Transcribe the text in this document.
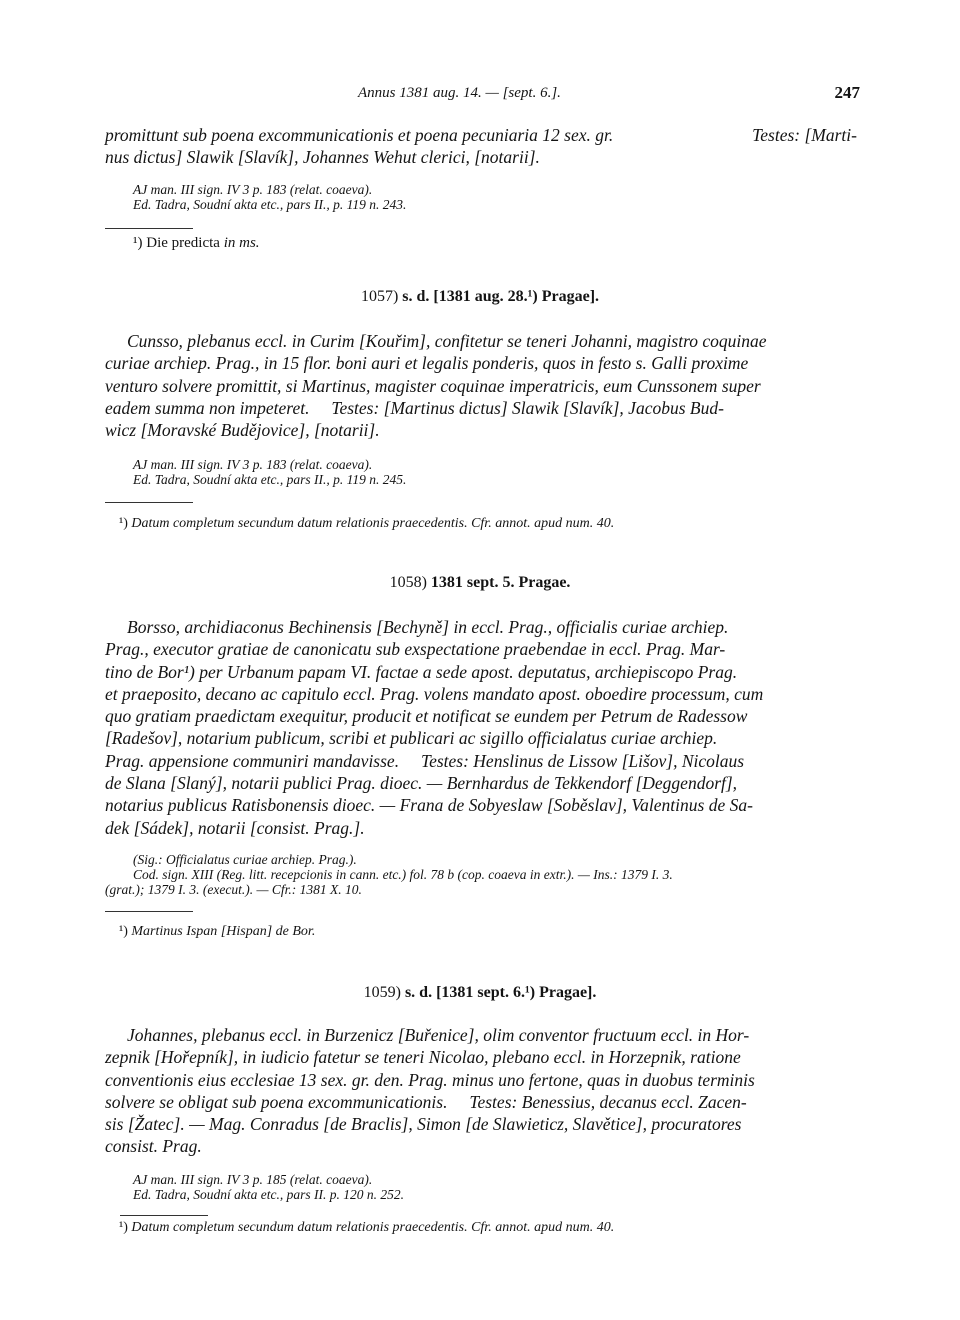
Annus 1381 aug. 14. — [sept. 6.].	247
promittunt sub poena excommunicationis et poena pecuniaria 12 sex. gr.	Testes: [Marti-
nus dictus] Slawik [Slavík], Johannes Wehut clerici, [notarii].
AJ man. III sign. IV 3 p. 183 (relat. coaeva).
Ed. Tadra, Soudní akta etc., pars II., p. 119 n. 243.
¹) Die predicta in ms.
1057) s. d. [1381 aug. 28.¹) Pragae].
Cunsso, plebanus eccl. in Curim [Kouřim], confitetur se teneri Johanni, magistro coquinae
curiae archiep. Prag., in 15 flor. boni auri et legalis ponderis, quos in festo s. Galli proxime
venturo solvere promittit, si Martinus, magister coquinae imperatricis, eum Cunssonem super
eadem summa non impeteret.     Testes: [Martinus dictus] Slawik [Slavík], Jacobus Bud-
wicz [Moravské Budějovice], [notarii].
AJ man. III sign. IV 3 p. 183 (relat. coaeva).
Ed. Tadra, Soudní akta etc., pars II., p. 119 n. 245.
¹) Datum completum secundum datum relationis praecedentis. Cfr. annot. apud num. 40.
1058) 1381 sept. 5. Pragae.
Borsso, archidiaconus Bechinensis [Bechyně] in eccl. Prag., officialis curiae archiep.
Prag., executor gratiae de canonicatu sub exspectatione praebendae in eccl. Prag. Mar-
tino de Bor¹) per Urbanum papam VI. factae a sede apost. deputatus, archiepiscopo Prag.
et praeposito, decano ac capitulo eccl. Prag. volens mandato apost. oboedire processum, cum
quo gratiam praedictam exequitur, producit et notificat se eundem per Petrum de Radessow
[Radešov], notarium publicum, scribi et publicari ac sigillo officialatus curiae archiep.
Prag. appensione communiri mandavisse.     Testes: Henslinus de Lissow [Lišov], Nicolaus
de Slana [Slaný], notarii publici Prag. dioec. — Bernhardus de Tekkendorf [Deggendorf],
notarius publicus Ratisbonensis dioec. — Frana de Sobyeslaw [Soběslav], Valentinus de Sa-
dek [Sádek], notarii [consist. Prag.].
(Sig.: Officialatus curiae archiep. Prag.).
Cod. sign. XIII (Reg. litt. recepcionis in cann. etc.) fol. 78 b (cop. coaeva in extr.). — Ins.: 1379 I. 3.
(grat.); 1379 I. 3. (execut.). — Cfr.: 1381 X. 10.
¹) Martinus Ispan [Hispan] de Bor.
1059) s. d. [1381 sept. 6.¹) Pragae].
Johannes, plebanus eccl. in Burzenicz [Buřenice], olim conventor fructuum eccl. in Hor-
zepnik [Hořepník], in iudicio fatetur se teneri Nicolao, plebano eccl. in Horzepnik, ratione
conventionis eius ecclesiae 13 sex. gr. den. Prag. minus uno fertone, quas in duobus terminis
solvere se obligat sub poena excommunicationis.     Testes: Benessius, decanus eccl. Zacen-
sis [Žatec]. — Mag. Conradus [de Braclis], Simon [de Slawieticz, Slavětice], procuratores
consist. Prag.
AJ man. III sign. IV 3 p. 185 (relat. coaeva).
Ed. Tadra, Soudní akta etc., pars II. p. 120 n. 252.
¹) Datum completum secundum datum relationis praecedentis. Cfr. annot. apud num. 40.
